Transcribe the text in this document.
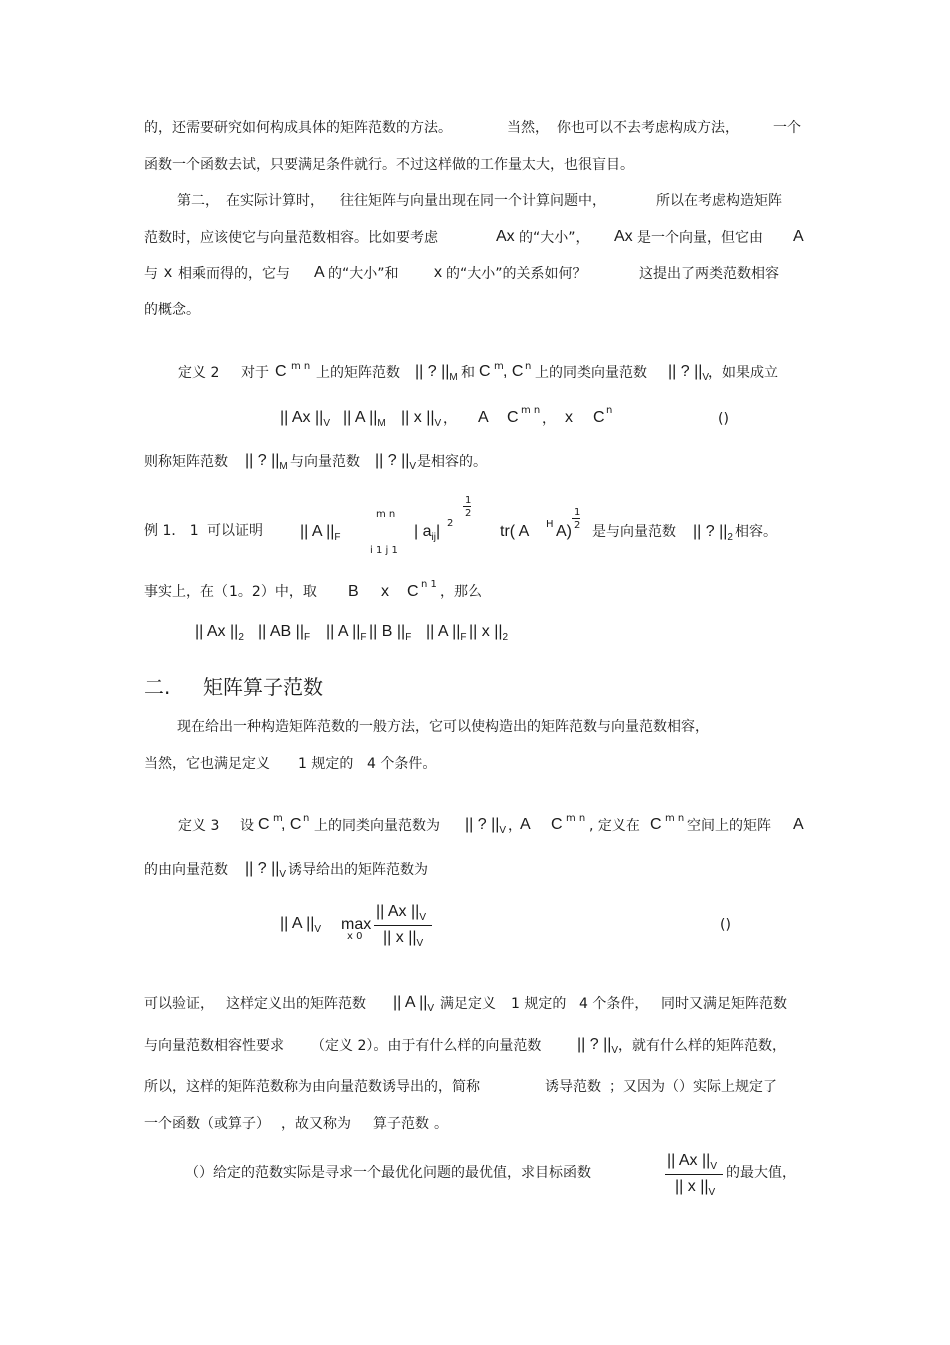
的，还需要研究如何构成具体的矩阵范数的方法。	当然， 你也可以不去考虑构成方法， 一个
函数一个函数去试，只要满足条件就行。不过这样做的工作量太大，也很盲目。
第二， 在实际计算时， 往往矩阵与向量出现在同一个计算问题中，	所以在考虑构造矩阵
范数时，应该使它与向量范数相容。比如要考虑	Ax 的“大小”， Ax 是一个向量，但它由 A
与 x 相乘而得的，它与 A 的“大小”和 x 的“大小”的关系如何？	这提出了两类范数相容
的概念。
定义 2 对于 C m n 上的矩阵范数 || ? $||_M$ 和 C m , C n 上的同类向量范数 || ? $||_V$
，如果成立
|| Ax $||_V$ || A $||_M$ || x $||_V$ ， A C m n
， x C n
()
则称矩阵范数 || ? $||_M$ 与向量范数 || ? $||_V$ 是相容的。
例 1． 1 可以证明 || A $||_F$
m n
i 1 j 1
| $a_{ij}|$ 2
1
2
tr( A H A)
1
2 是与向量范数 || ? $||_2$ 相容。
事实上，在（ 1。2）中，取 B x C n 1 ，那么
|| Ax $||_2$ || AB $||_F$ || A $||_F$ || B $||_F$ || A $||_F$ || x $||_2$
二. 矩阵算子范数
现在给出一种构造矩阵范数的一般方法，它可以使构造出的矩阵范数与向量范数相容，
当然，它也满足定义 1 规定的 4 个条件。
定义 3 设 C m
, C n 上的同类向量范数为 || ? $||_V$ ，
A C m n , 定义在 C m n 空间上的矩阵 A
的由向量范数 || ? $||_V$ 诱导给出的矩阵范数为
|| A $||_V$ max
x 0
|| Ax $||_V$
|| x $||_V$
()
可以验证， 这样定义出的矩阵范数 || A $||_V$ 满足定义 1 规定的 4 个条件， 同时又满足矩阵范数
与向量范数相容性要求 （定义 2）。由于有什么样的向量范数 || ? $||_V$ ，就有什么样的矩阵范数，
所以，这样的矩阵范数称为由向量范数诱导出的，简称	诱导范数 ；又因为（）实际上规定了
一个函数（或算子） ，故又称为 算子范数 。
（）给定的范数实际是寻求一个最优化问题的最优值，求目标函数
|| Ax $||_V$
|| x $||_V$
的最大值，
